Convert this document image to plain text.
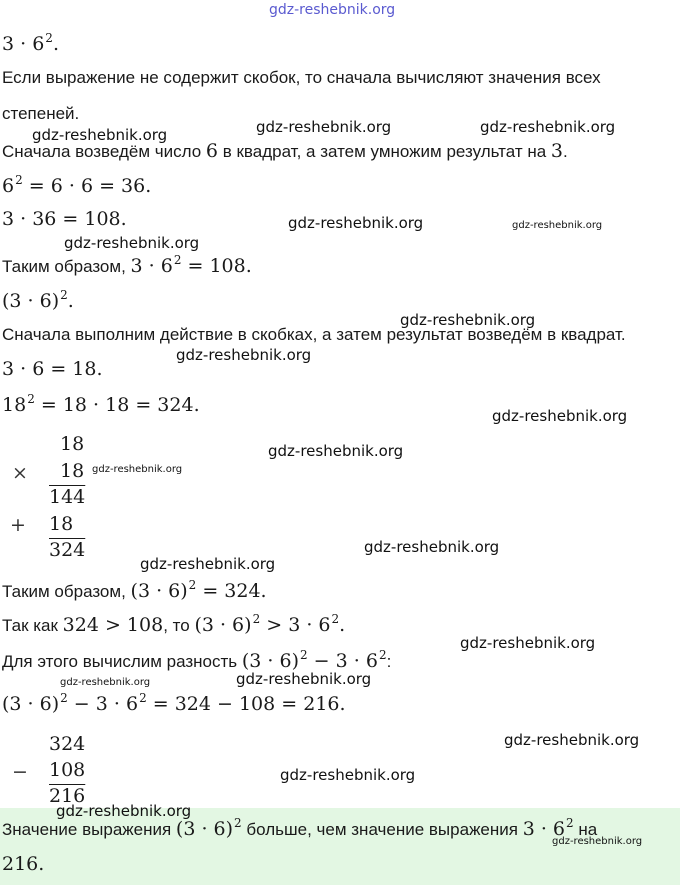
gdz-reshebnik.org
$3 \cdot 6^2$.
Если выражение не содержит скобок, то сначала вычисляют значения всех
степеней.
Сначала возведём число 6 в квадрат, а затем умножим результат на 3.
$6^2 = 6 \cdot 6 = 36$.
3 · 36 = 108.
Таким образом, $3 \cdot 6^2 = 108$.
$(3 \cdot 6)^2$.
Сначала выполним действие в скобках, а затем результат возведём в квадрат.
3 · 6 = 18.
$18^2 = 18 \cdot 18 = 324$.
18
× 18
144
+ 18
324
Таким образом, $(3 \cdot 6)^2 = 324$.
Так как 324 > 108, то $(3 \cdot 6)^2 > 3 \cdot 6^2$.
Для этого вычислим разность $(3 \cdot 6)^2 - 3 \cdot 6^2$:
$(3 \cdot 6)^2 - 3 \cdot 6^2 = 324 - 108 = 216$.
324
− 108
216
Значение выражения $(3 \cdot 6)^2$ больше, чем значение выражения $3 \cdot 6^2$ на
216.
gdz-reshebnik.org	gdz-reshebnik.org	gdz-reshebnik.org
gdz-reshebnik.org	gdz-reshebnik.org
gdz-reshebnik.org
gdz-reshebnik.org
gdz-reshebnik.org
gdz-reshebnik.org
gdz-reshebnik.org
gdz-reshebnik.org
gdz-reshebnik.org
gdz-reshebnik.org
gdz-reshebnik.org
gdz-reshebnik.org	gdz-reshebnik.org
gdz-reshebnik.org
gdz-reshebnik.org
gdz-reshebnik.org
gdz-reshebnik.org
